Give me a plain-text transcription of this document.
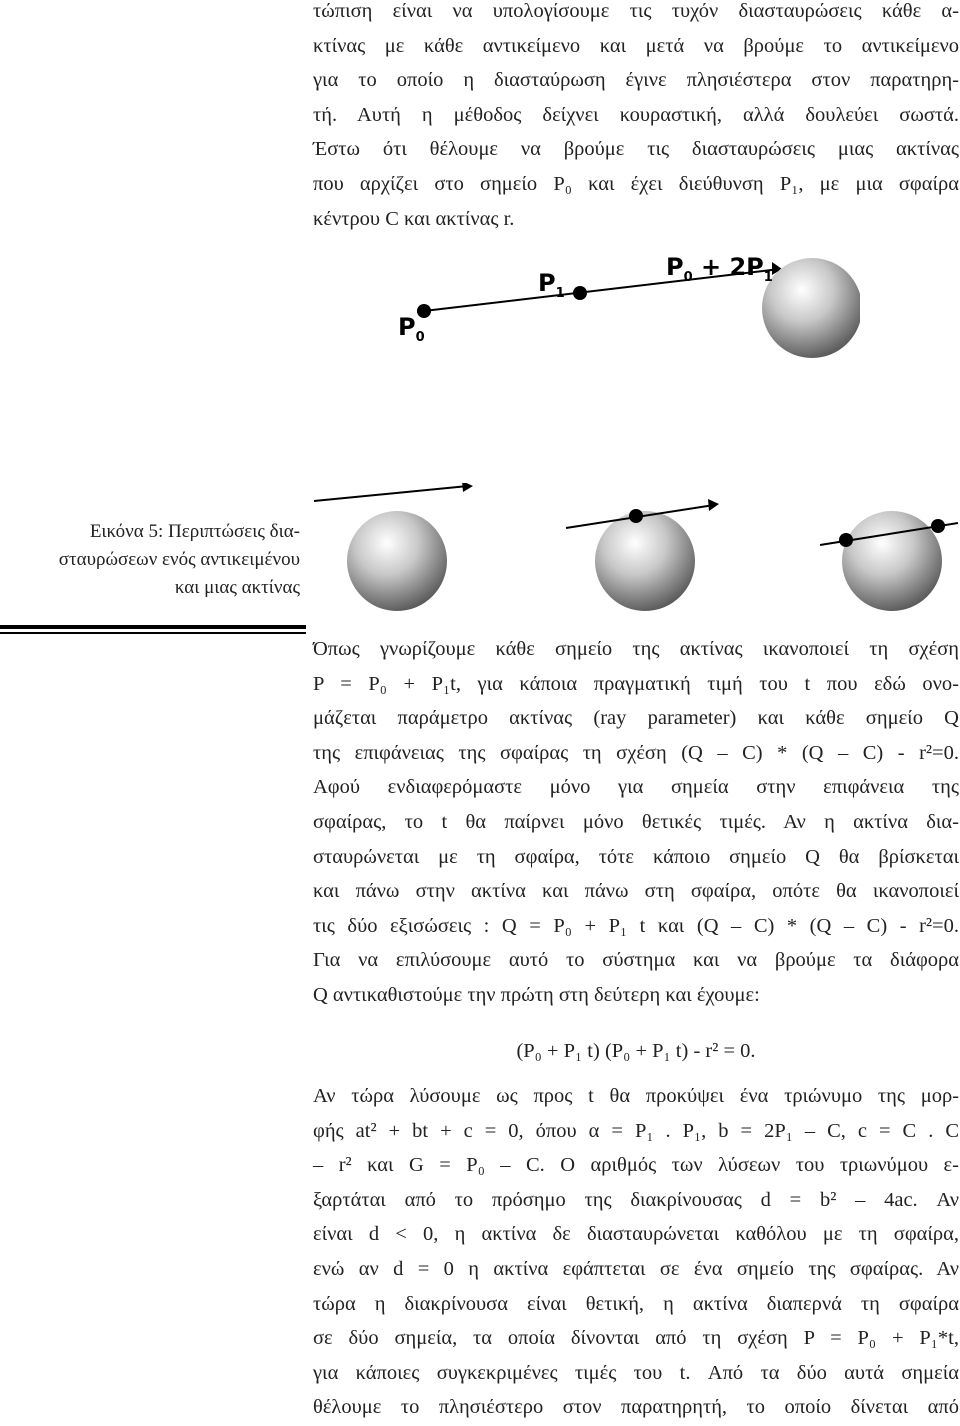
τώπιση είναι να υπολογίσουμε τις τυχόν διασταυρώσεις κάθε α-
κτίνας με κάθε αντικείμενο και μετά να βρούμε το αντικείμενο
για το οποίο η διασταύρωση έγινε πλησιέστερα στον παρατηρη-
τή. Αυτή η μέθοδος δείχνει κουραστική, αλλά δουλεύει σωστά.
Έστω ότι θέλουμε να βρούμε τις διασταυρώσεις μιας ακτίνας
που αρχίζει στο σημείο P₀ και έχει διεύθυνση P₁, με μια σφαίρα
κέντρου C και ακτίνας r.
$P_0$
$P_1$
$P_0 + 2P_1$
Εικόνα 5: Περιπτώσεις δια-
σταυρώσεων ενός αντικειμένου
και μιας ακτίνας
Όπως γνωρίζουμε κάθε σημείο της ακτίνας ικανοποιεί τη σχέση
P = P₀ + P₁t, για κάποια πραγματική τιμή του t που εδώ ονο-
μάζεται παράμετρο ακτίνας (ray parameter) και κάθε σημείο Q
της επιφάνειας της σφαίρας τη σχέση (Q – C) * (Q – C) - r²=0.
Αφού ενδιαφερόμαστε μόνο για σημεία στην επιφάνεια της
σφαίρας, το t θα παίρνει μόνο θετικές τιμές. Αν η ακτίνα δια-
σταυρώνεται με τη σφαίρα, τότε κάποιο σημείο Q θα βρίσκεται
και πάνω στην ακτίνα και πάνω στη σφαίρα, οπότε θα ικανοποιεί
τις δύο εξισώσεις : Q = P₀ + P₁ t και (Q – C) * (Q – C) - r²=0.
Για να επιλύσουμε αυτό το σύστημα και να βρούμε τα διάφορα
Q αντικαθιστούμε την πρώτη στη δεύτερη και έχουμε:
(P₀ + P₁ t) (P₀ + P₁ t) - r² = 0.
Αν τώρα λύσουμε ως προς t θα προκύψει ένα τριώνυμο της μορ-
φής at² + bt + c = 0, όπου α = P₁ . P₁, b = 2P₁ – C, c = C . C
– r² και G = P₀ – C. Ο αριθμός των λύσεων του τριωνύμου ε-
ξαρτάται από το πρόσημο της διακρίνουσας d = b² – 4ac. Αν
είναι d < 0, η ακτίνα δε διασταυρώνεται καθόλου με τη σφαίρα,
ενώ αν d = 0 η ακτίνα εφάπτεται σε ένα σημείο της σφαίρας. Αν
τώρα η διακρίνουσα είναι θετική, η ακτίνα διαπερνά τη σφαίρα
σε δύο σημεία, τα οποία δίνονται από τη σχέση P = P₀ + P₁*t,
για κάποιες συγκεκριμένες τιμές του t. Από τα δύο αυτά σημεία
θέλουμε το πλησιέστερο στον παρατηρητή, το οποίο δίνεται από
